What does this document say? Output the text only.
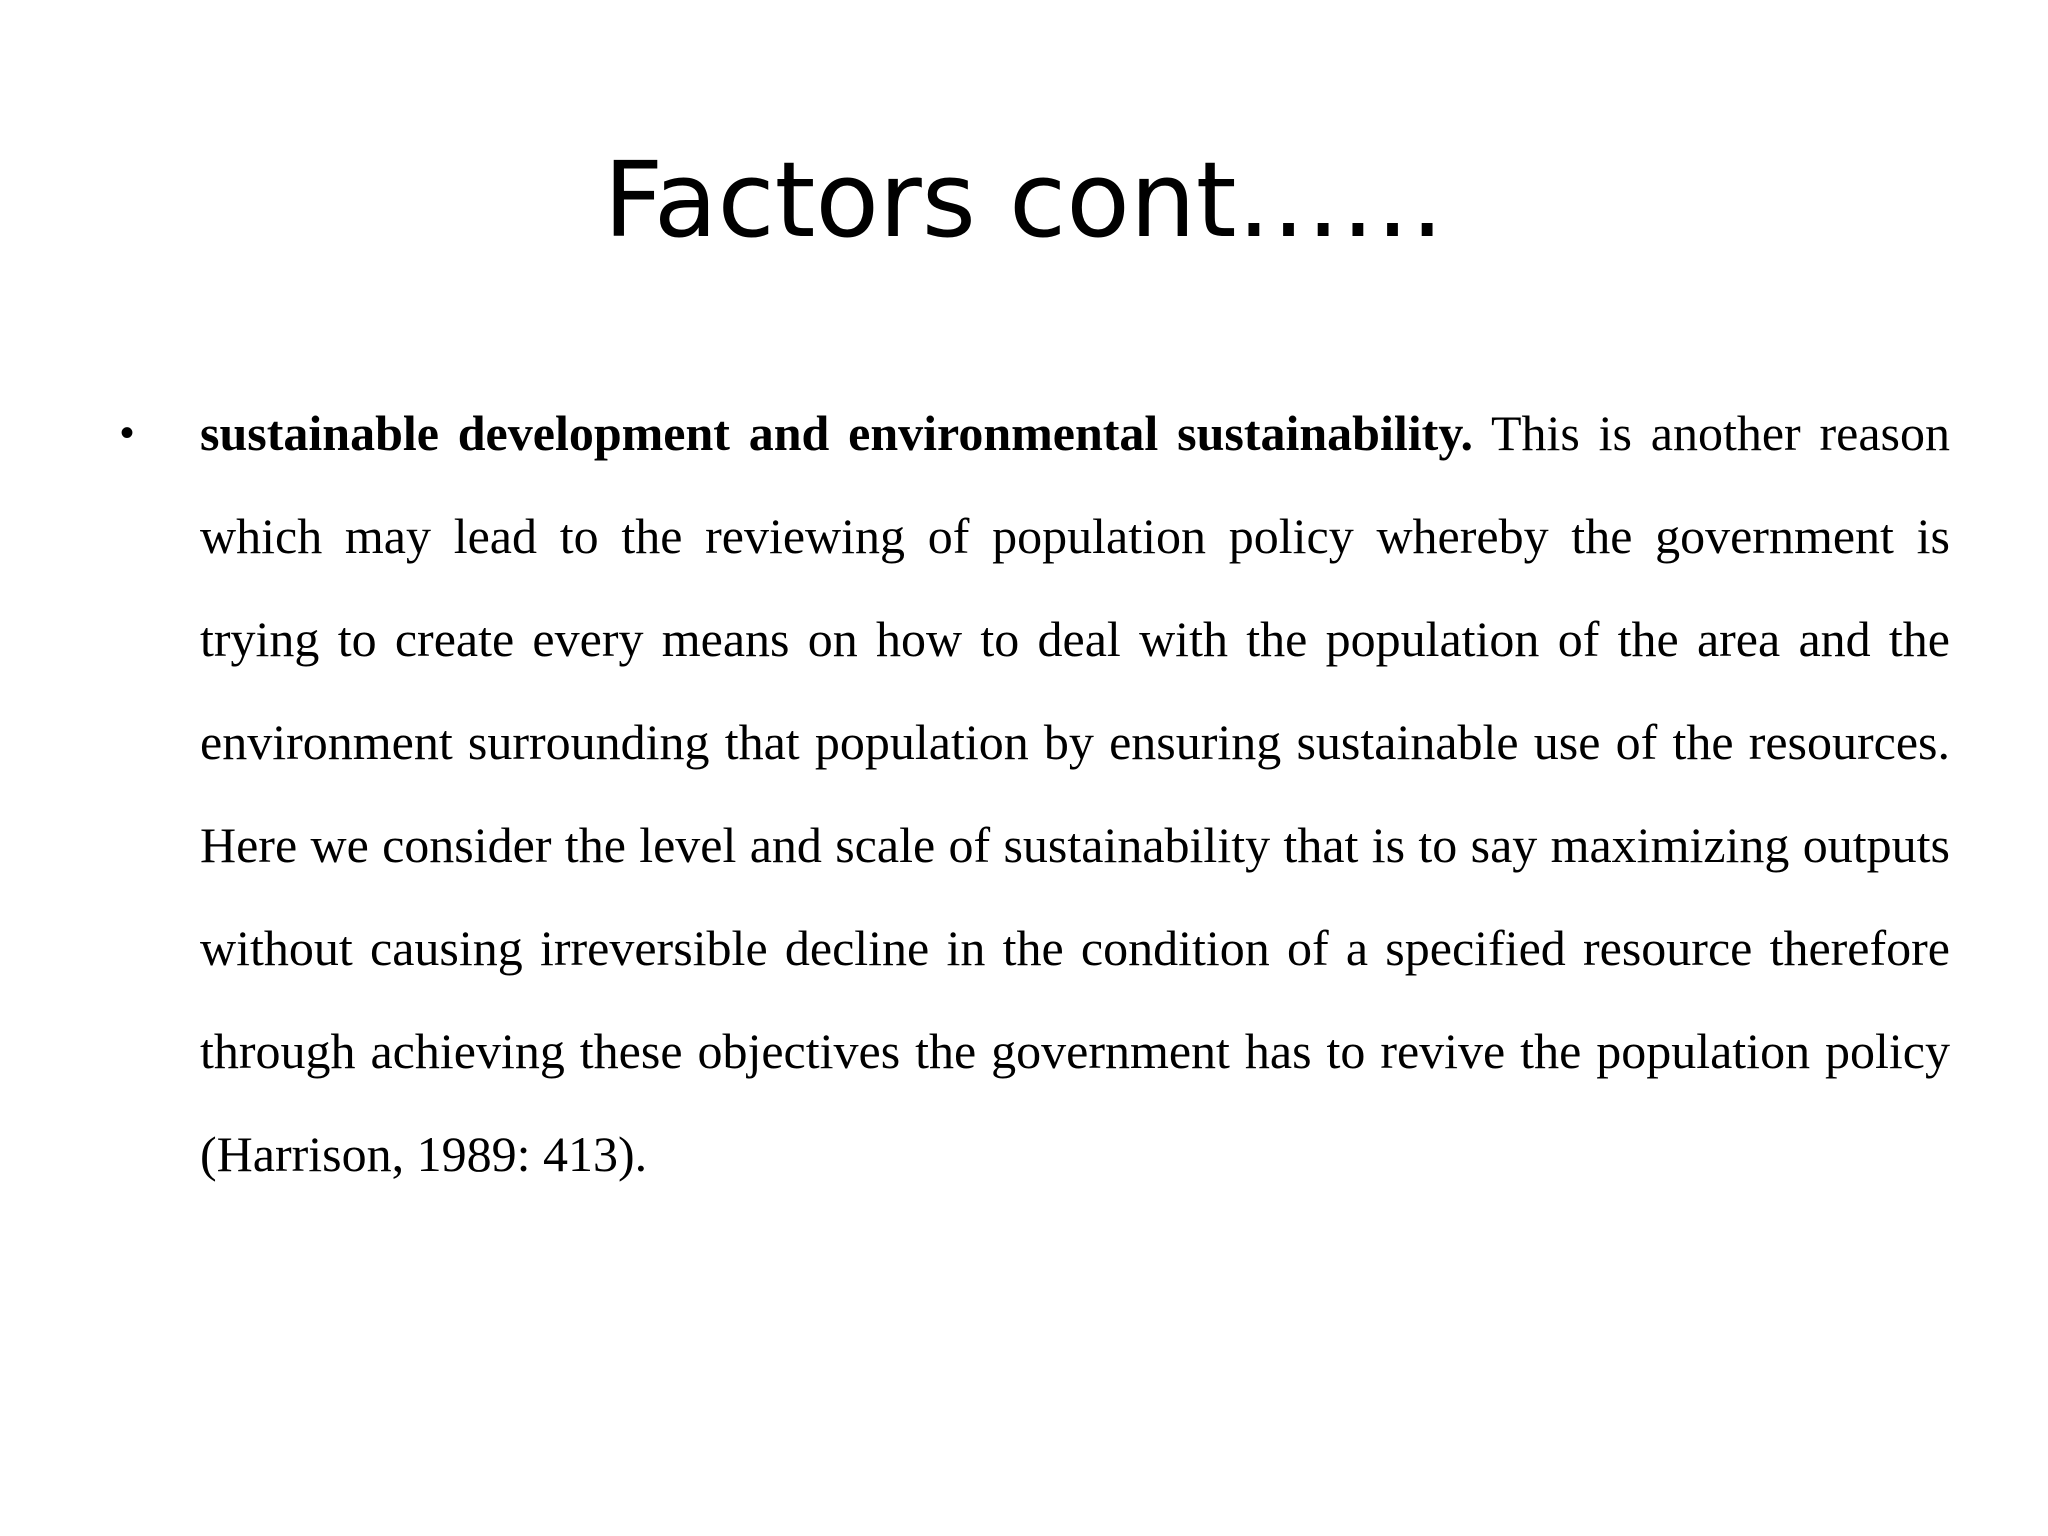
Factors cont……
•	sustainable development and environmental sustainability. This is another reason which may lead to the reviewing of population policy whereby the government is trying to create every means on how to deal with the population of the area and the environment surrounding that population by ensuring sustainable use of the resources. Here we consider the level and scale of sustainability that is to say maximizing outputs without causing irreversible decline in the condition of a specified resource therefore through achieving these objectives the government has to revive the population policy (Harrison, 1989: 413).
